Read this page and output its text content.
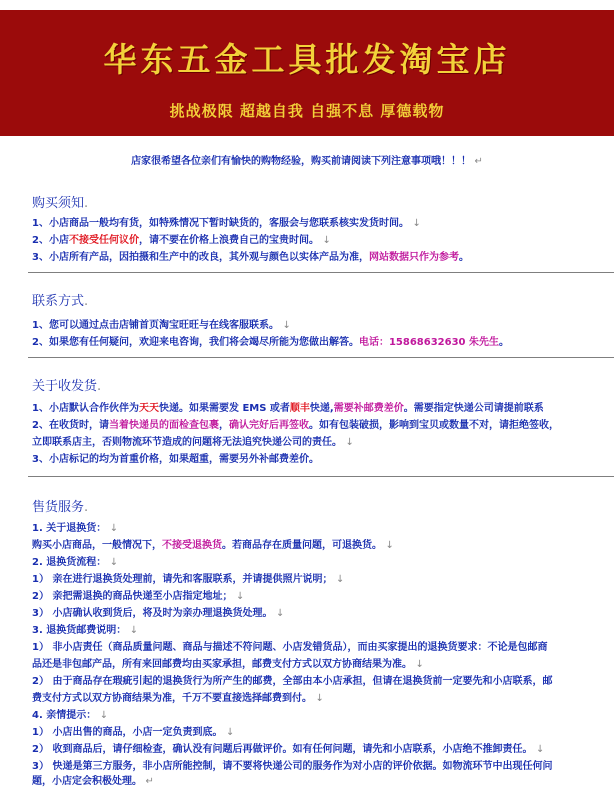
华东五金工具批发淘宝店
挑战极限 超越自我 自强不息 厚德载物
店家很希望各位亲们有愉快的购物经验，购买前请阅读下列注意事项哦！！！ ↵
购买须知.
1、小店商品一般均有货，如特殊情况下暂时缺货的，客服会与您联系核实发货时间。 ↓
2、小店不接受任何议价，请不要在价格上浪费自己的宝贵时间。 ↓
3、小店所有产品，因拍摄和生产中的改良，其外观与颜色以实体产品为准，网站数据只作为参考。
联系方式.
1、您可以通过点击店铺首页淘宝旺旺与在线客服联系。 ↓
2、如果您有任何疑问，欢迎来电咨询，我们将会竭尽所能为您做出解答。电话：15868632630 朱先生。
关于收发货.
1、小店默认合作伙伴为天天快递。如果需要发 EMS 或者顺丰快递,需要补邮费差价。需要指定快递公司请提前联系
2、在收货时，请当着快递员的面检查包裹，确认完好后再签收。如有包装破损，影响到宝贝或数量不对，请拒绝签收，
立即联系店主，否则物流环节造成的问题将无法追究快递公司的责任。 ↓
3、小店标记的均为首重价格，如果超重，需要另外补邮费差价。
售货服务.
1. 关于退换货： ↓
购买小店商品，一般情况下，不接受退换货。若商品存在质量问题，可退换货。 ↓
2. 退换货流程： ↓
1） 亲在进行退换货处理前，请先和客服联系，并请提供照片说明； ↓
2） 亲把需退换的商品快递至小店指定地址； ↓
3） 小店确认收到货后，将及时为亲办理退换货处理。 ↓
3. 退换货邮费说明： ↓
1） 非小店责任（商品质量问题、商品与描述不符问题、小店发错货品），而由买家提出的退换货要求：不论是包邮商
品还是非包邮产品，所有来回邮费均由买家承担，邮费支付方式以双方协商结果为准。 ↓
2） 由于商品存在瑕疵引起的退换货行为所产生的邮费，全部由本小店承担，但请在退换货前一定要先和小店联系，邮
费支付方式以双方协商结果为准，千万不要直接选择邮费到付。 ↓
4. 亲情提示： ↓
1） 小店出售的商品，小店一定负责到底。 ↓
2） 收到商品后，请仔细检查，确认没有问题后再做评价。如有任何问题，请先和小店联系，小店绝不推卸责任。 ↓
3） 快递是第三方服务，非小店所能控制，请不要将快递公司的服务作为对小店的评价依据。如物流环节中出现任何问
题，小店定会积极处理。 ↵
